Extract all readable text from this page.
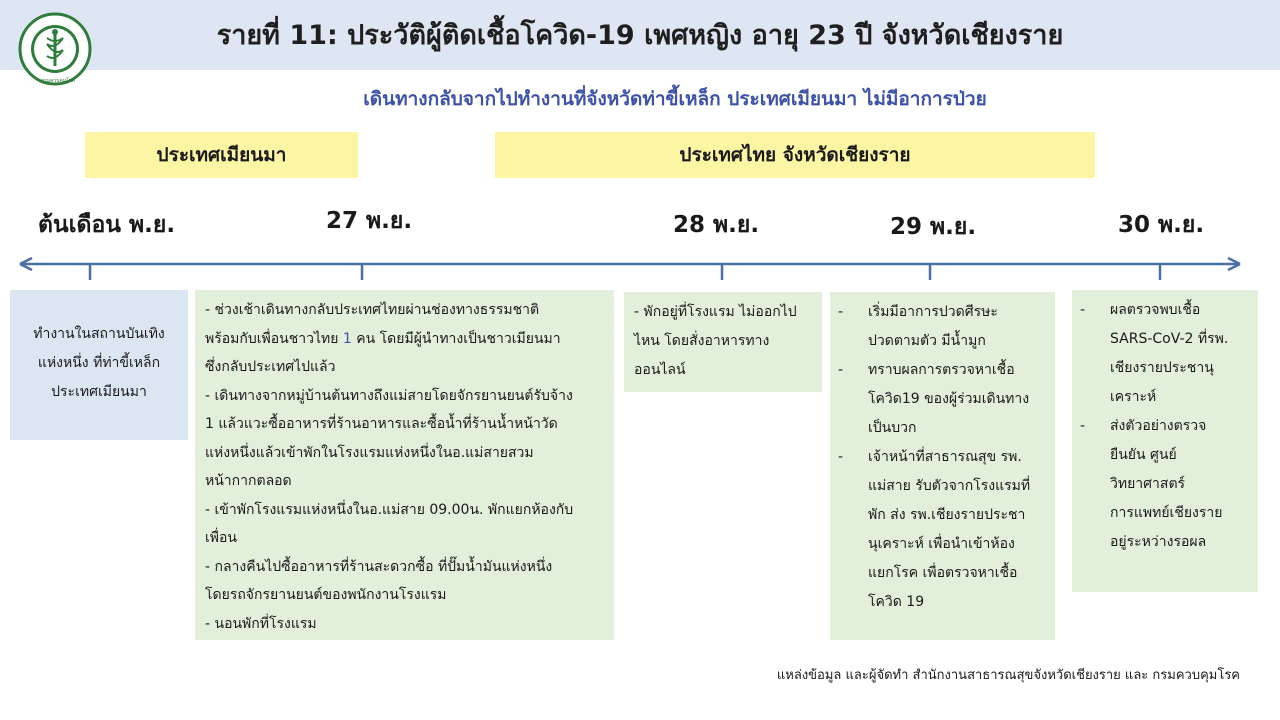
กรมควบคุมโรค
รายที่ 11: ประวัติผู้ติดเชื้อโควิด-19 เพศหญิง อายุ 23 ปี จังหวัดเชียงราย
เดินทางกลับจากไปทำงานที่จังหวัดท่าขี้เหล็ก ประเทศเมียนมา ไม่มีอาการป่วย
ประเทศเมียนมา	ประเทศไทย จังหวัดเชียงราย
ต้นเดือน พ.ย.	27 พ.ย.	28 พ.ย.	29 พ.ย.	30 พ.ย.
ทำงานในสถานบันเทิง
แห่งหนึ่ง ที่ท่าขี้เหล็ก
ประเทศเมียนมา
- ช่วงเช้าเดินทางกลับประเทศไทยผ่านช่องทางธรรมชาติ
พร้อมกับเพื่อนชาวไทย 1 คน โดยมีผู้นำทางเป็นชาวเมียนมา
ซึ่งกลับประเทศไปแล้ว
- เดินทางจากหมู่บ้านต้นทางถึงแม่สายโดยจักรยานยนต์รับจ้าง
1 แล้วแวะซื้ออาหารที่ร้านอาหารและซื้อน้ำที่ร้านน้ำหน้าวัด
แห่งหนึ่งแล้วเข้าพักในโรงแรมแห่งหนึ่งในอ.แม่สายสวม
หน้ากากตลอด
- เข้าพักโรงแรมแห่งหนึ่งในอ.แม่สาย 09.00น. พักแยกห้องกับ
เพื่อน
- กลางคืนไปซื้ออาหารที่ร้านสะดวกซื้อ ที่ปั๊มน้ำมันแห่งหนึ่ง
โดยรถจักรยานยนต์ของพนักงานโรงแรม
- นอนพักที่โรงแรม
- พักอยู่ที่โรงแรม ไม่ออกไป
ไหน โดยสั่งอาหารทาง
ออนไลน์
-	เริ่มมีอาการปวดศีรษะ
ปวดตามตัว มีน้ำมูก
-	ทราบผลการตรวจหาเชื้อ
โควิด19 ของผู้ร่วมเดินทาง
เป็นบวก
-	เจ้าหน้าที่สาธารณสุข รพ.
แม่สาย รับตัวจากโรงแรมที่
พัก ส่ง รพ.เชียงรายประชา
นุเคราะห์ เพื่อนำเข้าห้อง
แยกโรค เพื่อตรวจหาเชื้อ
โควิด 19
-	ผลตรวจพบเชื้อ
SARS-CoV-2 ที่รพ.
เชียงรายประชานุ
เคราะห์
-	ส่งตัวอย่างตรวจ
ยืนยัน ศูนย์
วิทยาศาสตร์
การแพทย์เชียงราย
อยู่ระหว่างรอผล
แหล่งข้อมูล และผู้จัดทำ สำนักงานสาธารณสุขจังหวัดเชียงราย และ กรมควบคุมโรค
